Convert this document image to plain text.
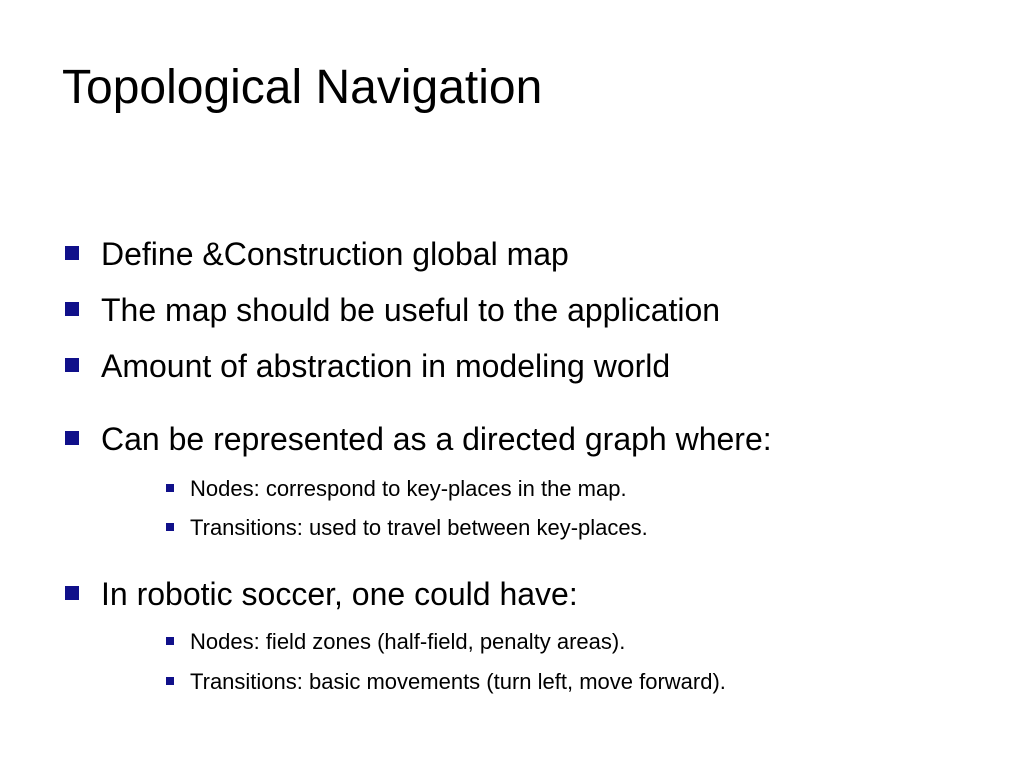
Topological Navigation
Define &Construction global map
The map should be useful to the application
Amount of abstraction in modeling world
Can be represented as a directed graph where:
Nodes: correspond to key-places in the map.
Transitions: used to travel between key-places.
In robotic soccer, one could have:
Nodes: field zones (half-field, penalty areas).
Transitions: basic movements (turn left, move forward).
